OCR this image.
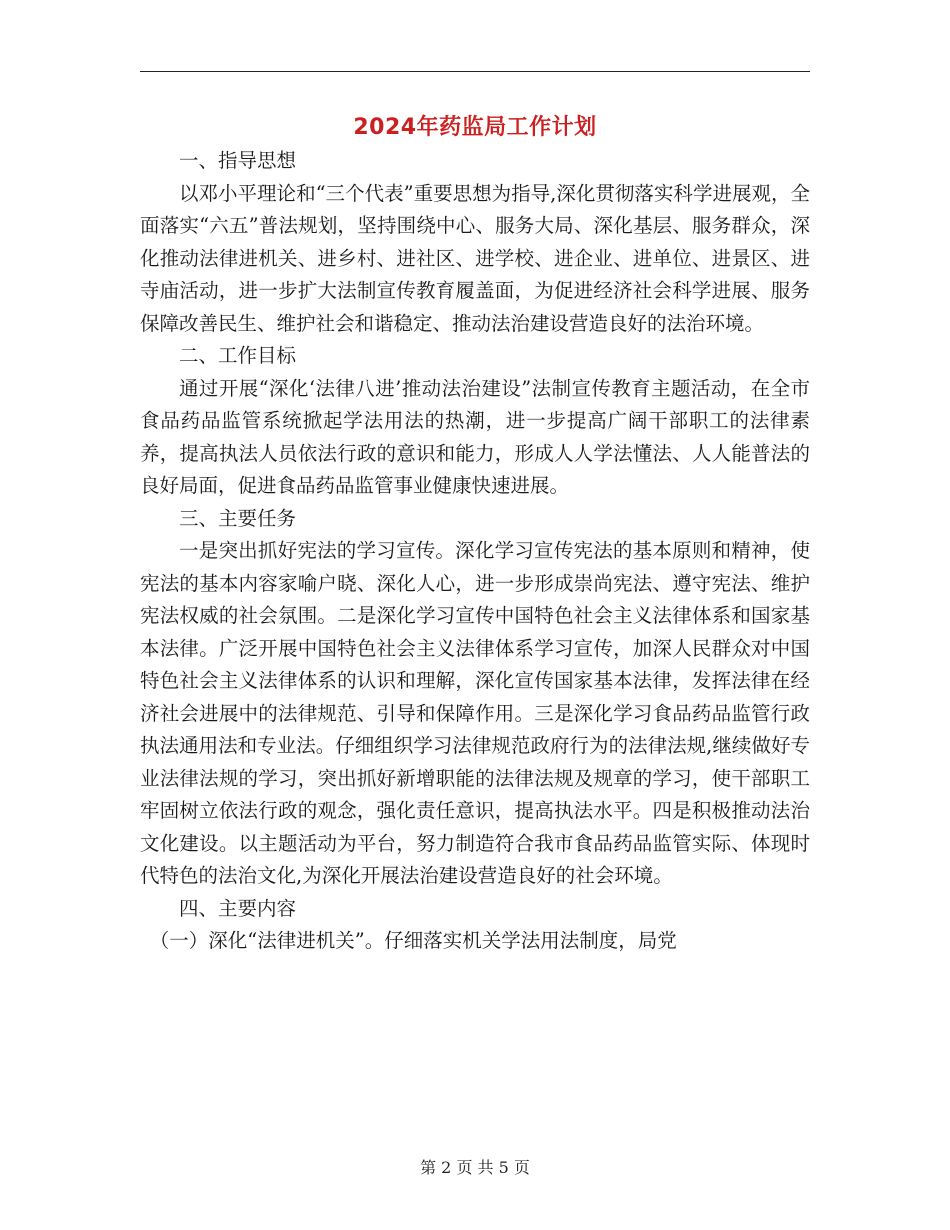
2024年药监局工作计划

一、指导思想

以邓小平理论和“三个代表”重要思想为指导,深化贯彻落实科学进展观，全面落实“六五”普法规划，坚持围绕中心、服务大局、深化基层、服务群众，深化推动法律进机关、进乡村、进社区、进学校、进企业、进单位、进景区、进寺庙活动，进一步扩大法制宣传教育履盖面，为促进经济社会科学进展、服务保障改善民生、维护社会和谐稳定、推动法治建设营造良好的法治环境。

二、工作目标

通过开展“深化‘法律八进’推动法治建设”法制宣传教育主题活动，在全市食品药品监管系统掀起学法用法的热潮，进一步提高广阔干部职工的法律素养，提高执法人员依法行政的意识和能力，形成人人学法懂法、人人能普法的良好局面，促进食品药品监管事业健康快速进展。

三、主要任务

一是突出抓好宪法的学习宣传。深化学习宣传宪法的基本原则和精神，使宪法的基本内容家喻户晓、深化人心，进一步形成崇尚宪法、遵守宪法、维护宪法权威的社会氛围。二是深化学习宣传中国特色社会主义法律体系和国家基本法律。广泛开展中国特色社会主义法律体系学习宣传，加深人民群众对中国特色社会主义法律体系的认识和理解，深化宣传国家基本法律，发挥法律在经济社会进展中的法律规范、引导和保障作用。三是深化学习食品药品监管行政执法通用法和专业法。仔细组织学习法律规范政府行为的法律法规,继续做好专业法律法规的学习，突出抓好新增职能的法律法规及规章的学习，使干部职工牢固树立依法行政的观念，强化责任意识，提高执法水平。四是积极推动法治文化建设。以主题活动为平台，努力制造符合我市食品药品监管实际、体现时代特色的法治文化,为深化开展法治建设营造良好的社会环境。

四、主要内容

（一）深化“法律进机关”。仔细落实机关学法用法制度，局党

第 2 页 共 5 页
